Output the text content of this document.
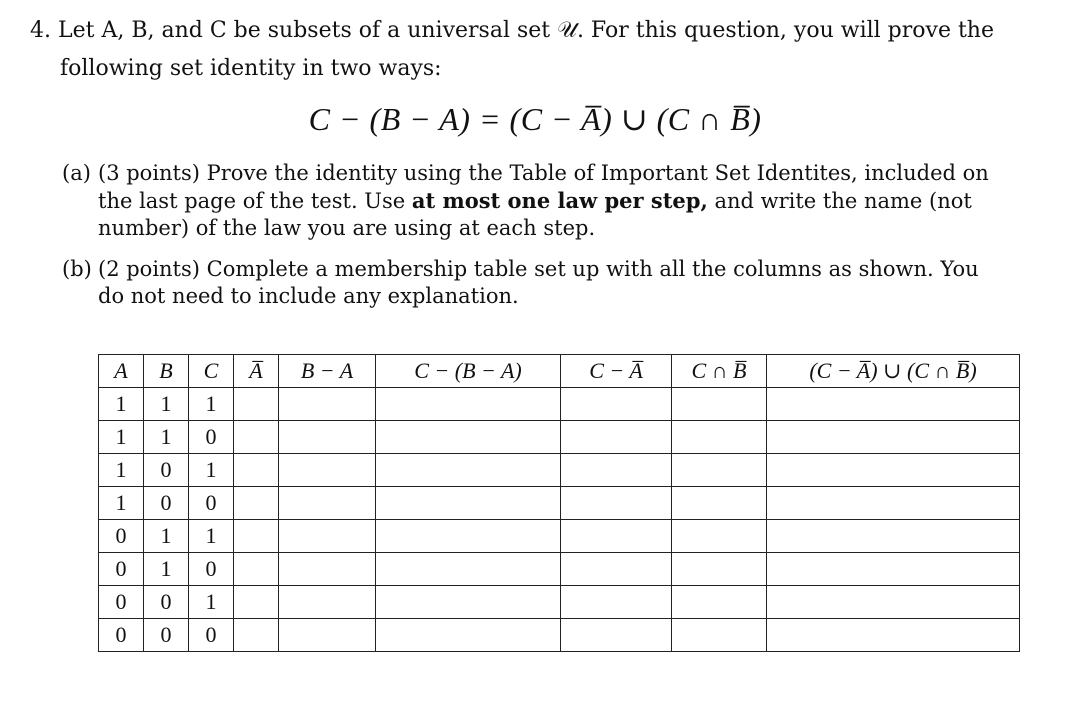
4. Let A, B, and C be subsets of a universal set 𝒰. For this question, you will prove the
following set identity in two ways:
C − (B − A) = (C − A̅) ∪ (C ∩ B̅)
(a) (3 points) Prove the identity using the Table of Important Set Identites, included on the last page of the test. Use at most one law per step, and write the name (not number) of the law you are using at each step.
(b) (2 points) Complete a membership table set up with all the columns as shown. You do not need to include any explanation.
A	B	C	A̅	B − A	C − (B − A)	C − A̅	C ∩ B̅	(C − A̅) ∪ (C ∩ B̅)
1	1	1						
1	1	0						
1	0	1						
1	0	0						
0	1	1						
0	1	0						
0	0	1						
0	0	0						
